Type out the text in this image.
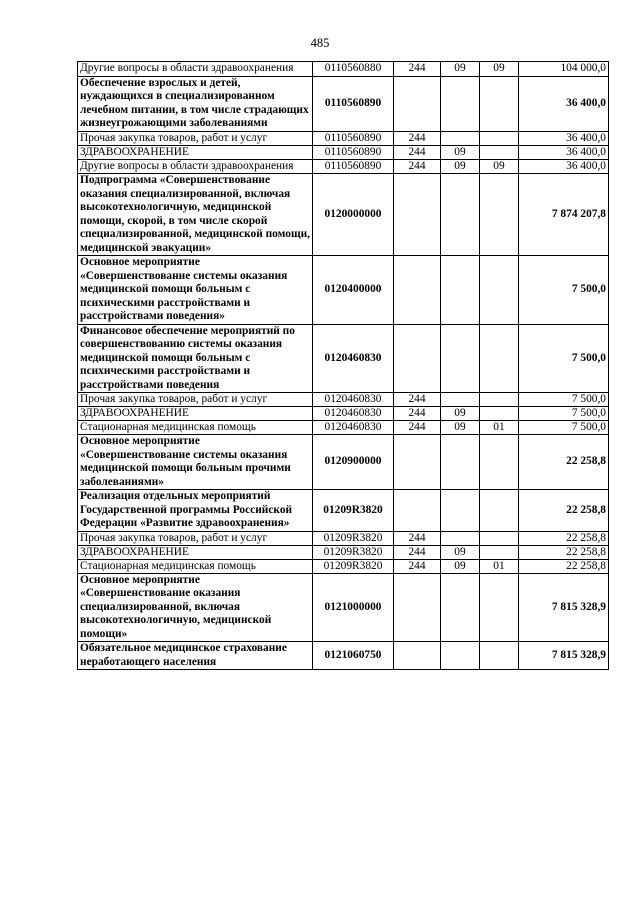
485
Другие вопросы в области здравоохранения	0110560880	244	09	09	104 000,0
Обеспечение взрослых и детей, нуждающихся в специализированном лечебном питании, в том числе страдающих жизнеугрожающими заболеваниями	0110560890				36 400,0
Прочая закупка товаров, работ и услуг	0110560890	244			36 400,0
ЗДРАВООХРАНЕНИЕ	0110560890	244	09		36 400,0
Другие вопросы в области здравоохранения	0110560890	244	09	09	36 400,0
Подпрограмма «Совершенствование оказания специализированной, включая высокотехнологичную, медицинской помощи, скорой, в том числе скорой специализированной, медицинской помощи, медицинской эвакуации»	0120000000				7 874 207,8
Основное мероприятие «Совершенствование системы оказания медицинской помощи больным с психическими расстройствами и расстройствами поведения»	0120400000				7 500,0
Финансовое обеспечение мероприятий по совершенствованию системы оказания медицинской помощи больным с психическими расстройствами и расстройствами поведения	0120460830				7 500,0
Прочая закупка товаров, работ и услуг	0120460830	244			7 500,0
ЗДРАВООХРАНЕНИЕ	0120460830	244	09		7 500,0
Стационарная медицинская помощь	0120460830	244	09	01	7 500,0
Основное мероприятие «Совершенствование системы оказания медицинской помощи больным прочими заболеваниями»	0120900000				22 258,8
Реализация отдельных мероприятий Государственной программы Российской Федерации «Развитие здравоохранения»	01209R3820				22 258,8
Прочая закупка товаров, работ и услуг	01209R3820	244			22 258,8
ЗДРАВООХРАНЕНИЕ	01209R3820	244	09		22 258,8
Стационарная медицинская помощь	01209R3820	244	09	01	22 258,8
Основное мероприятие «Совершенствование оказания специализированной, включая высокотехнологичную, медицинской помощи»	0121000000				7 815 328,9
Обязательное медицинское страхование неработающего населения	0121060750				7 815 328,9
